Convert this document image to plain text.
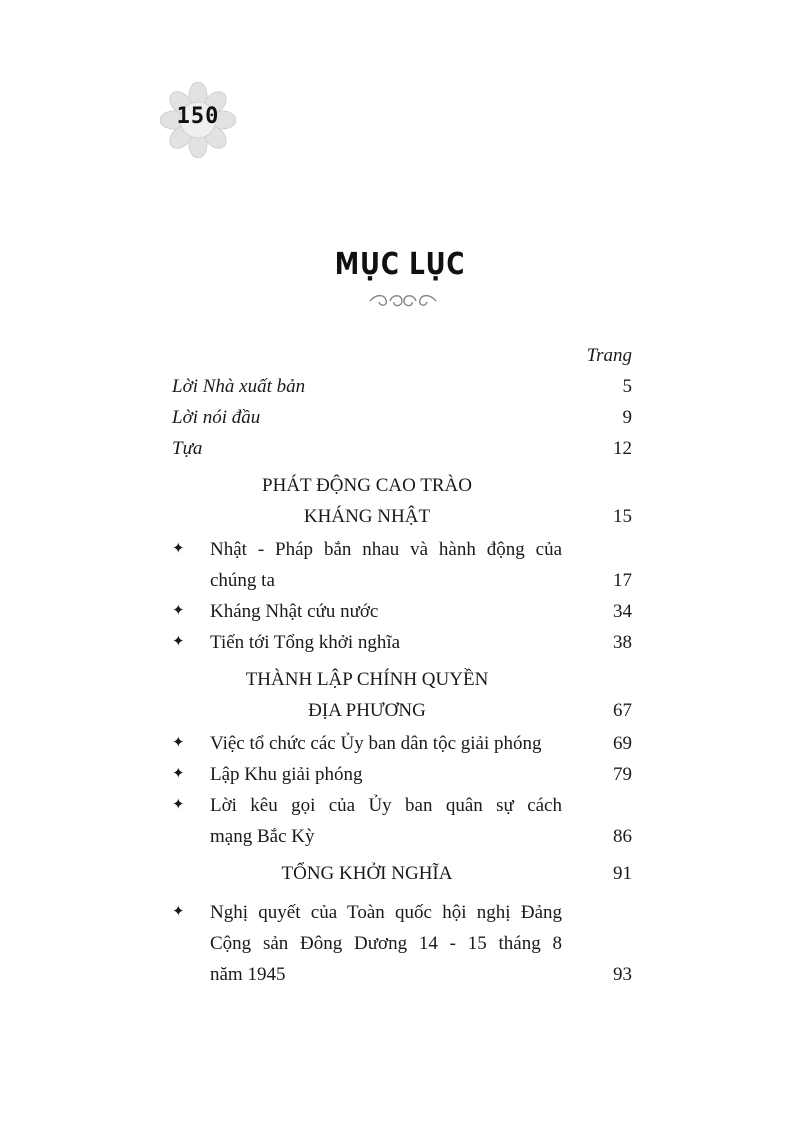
150
MỤC LỤC
Trang
Lời Nhà xuất bản	5
Lời nói đầu	9
Tựa	12
PHÁT ĐỘNG CAO TRÀO
KHÁNG NHẬT	15
✦	Nhật - Pháp bắn nhau và hành động của
chúng ta	17
✦	Kháng Nhật cứu nước	34
✦	Tiến tới Tổng khởi nghĩa	38
THÀNH LẬP CHÍNH QUYỀN
ĐỊA PHƯƠNG	67
✦	Việc tổ chức các Ủy ban dân tộc giải phóng	69
✦	Lập Khu giải phóng	79
✦	Lời kêu gọi của Ủy ban quân sự cách
mạng Bắc Kỳ	86
TỔNG KHỞI NGHĨA	91
✦	Nghị quyết của Toàn quốc hội nghị Đảng
Cộng sản Đông Dương 14 - 15 tháng 8
năm 1945	93
